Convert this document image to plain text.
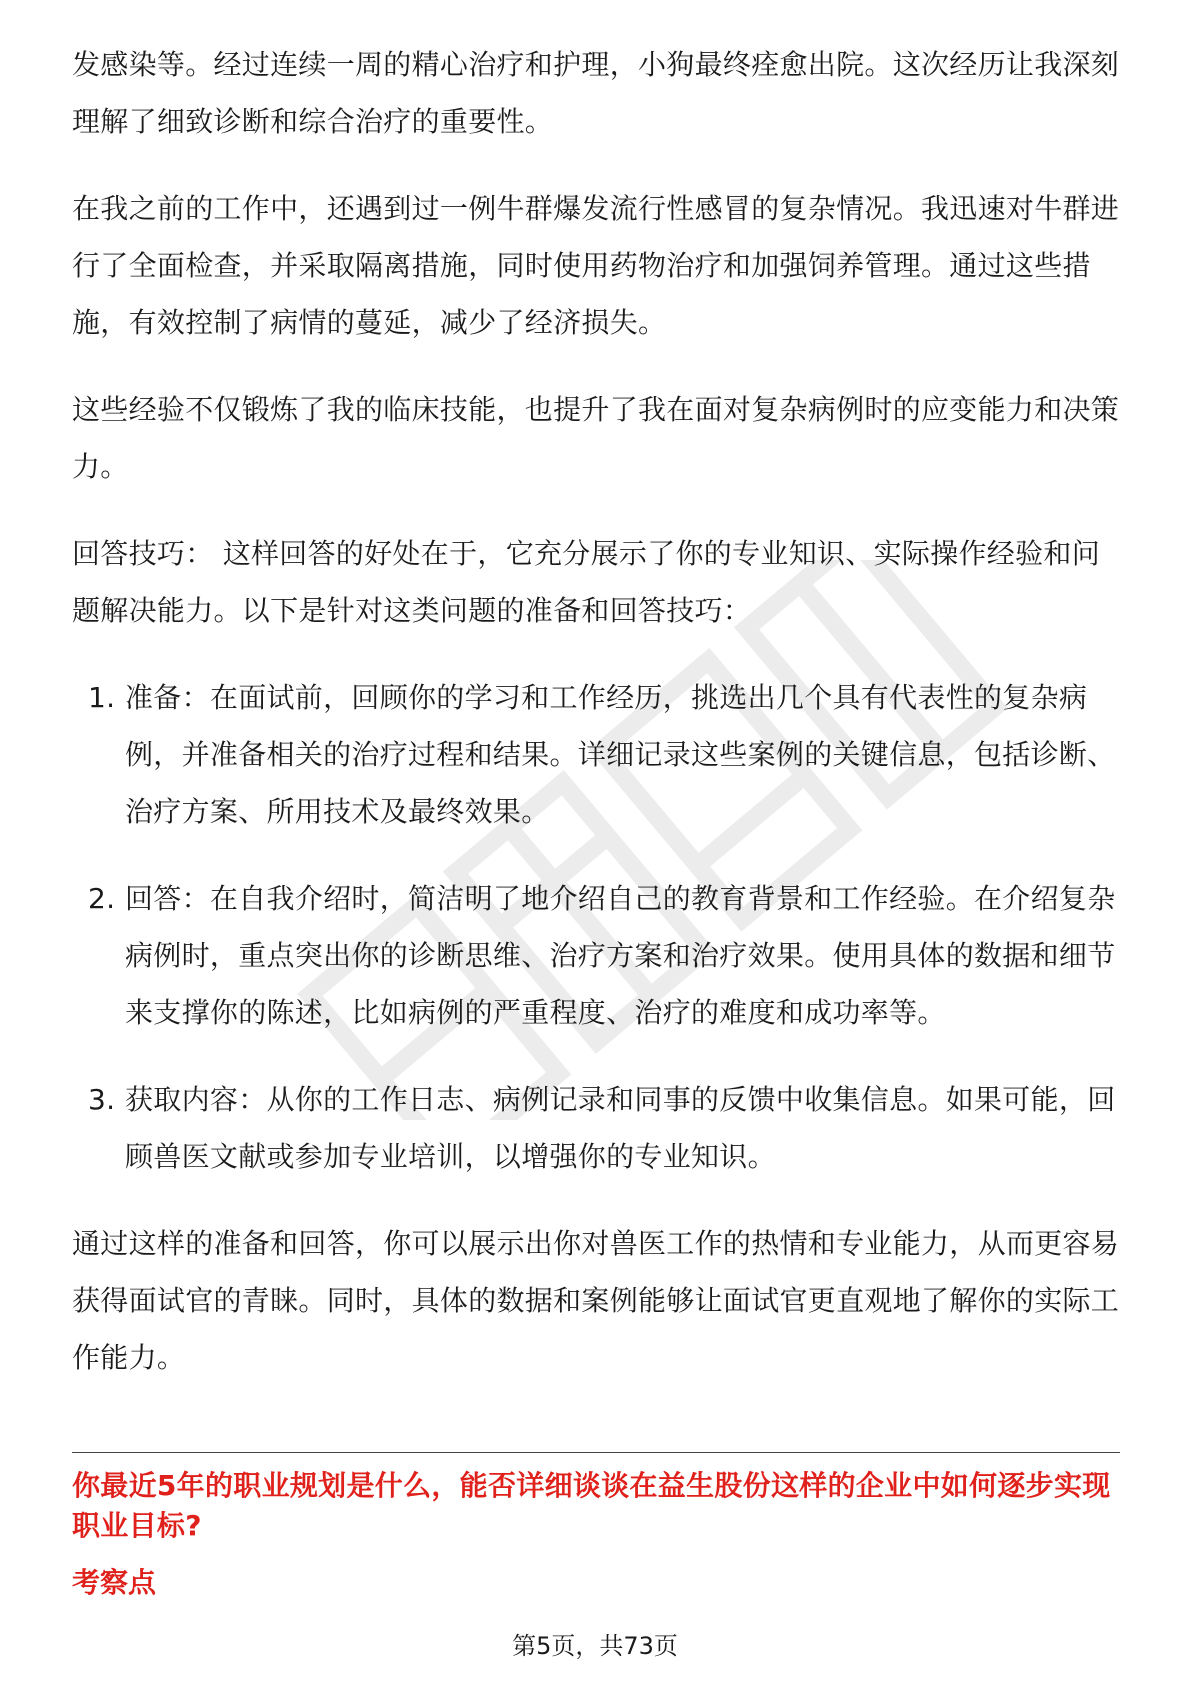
发感染等。经过连续一周的精心治疗和护理，小狗最终痊愈出院。这次经历让我深刻理解了细致诊断和综合治疗的重要性。

在我之前的工作中，还遇到过一例牛群爆发流行性感冒的复杂情况。我迅速对牛群进行了全面检查，并采取隔离措施，同时使用药物治疗和加强饲养管理。通过这些措施，有效控制了病情的蔓延，减少了经济损失。

这些经验不仅锻炼了我的临床技能，也提升了我在面对复杂病例时的应变能力和决策力。

回答技巧： 这样回答的好处在于，它充分展示了你的专业知识、实际操作经验和问题解决能力。以下是针对这类问题的准备和回答技巧：

1. 准备：在面试前，回顾你的学习和工作经历，挑选出几个具有代表性的复杂病例，并准备相关的治疗过程和结果。详细记录这些案例的关键信息，包括诊断、治疗方案、所用技术及最终效果。
2. 回答：在自我介绍时，简洁明了地介绍自己的教育背景和工作经验。在介绍复杂病例时，重点突出你的诊断思维、治疗方案和治疗效果。使用具体的数据和细节来支撑你的陈述，比如病例的严重程度、治疗的难度和成功率等。
3. 获取内容：从你的工作日志、病例记录和同事的反馈中收集信息。如果可能，回顾兽医文献或参加专业培训，以增强你的专业知识。

通过这样的准备和回答，你可以展示出你对兽医工作的热情和专业能力，从而更容易获得面试官的青睐。同时，具体的数据和案例能够让面试官更直观地了解你的实际工作能力。

你最近5年的职业规划是什么，能否详细谈谈在益生股份这样的企业中如何逐步实现职业目标?
考察点
第5页，共73页
